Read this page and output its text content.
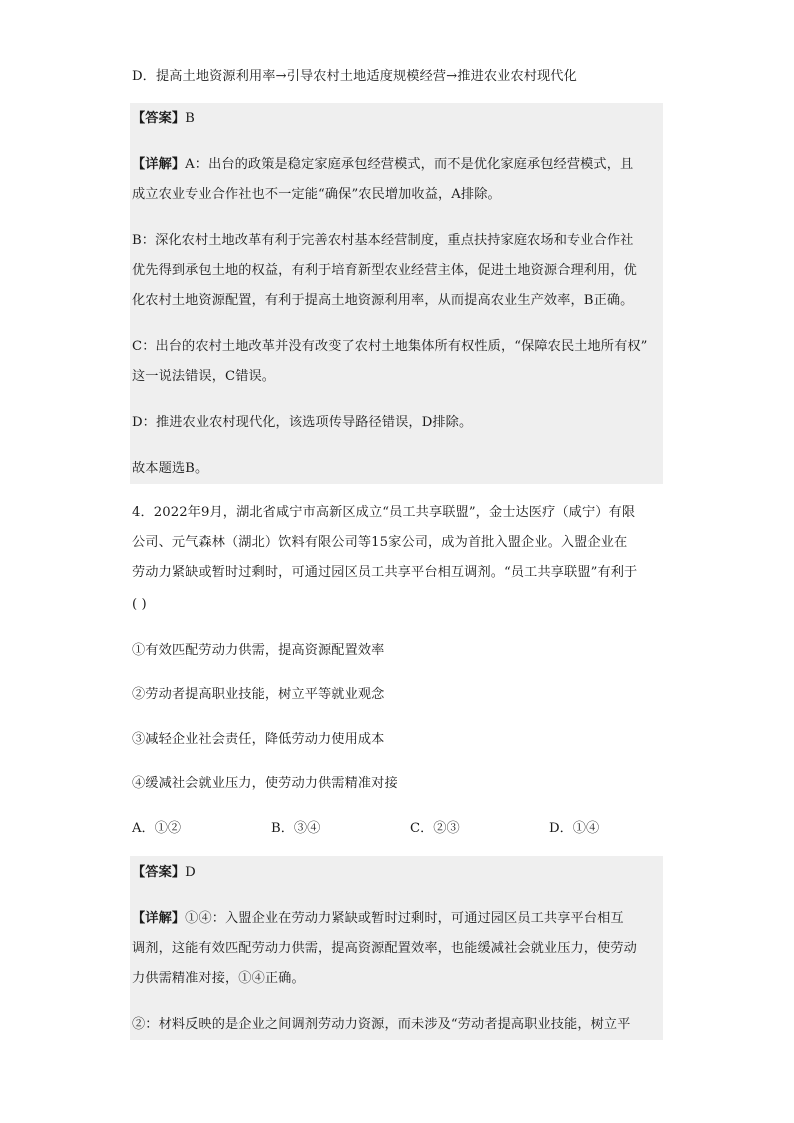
D．提高土地资源利用率→引导农村土地适度规模经营→推进农业农村现代化
【答案】B
【详解】A：出台的政策是稳定家庭承包经营模式，而不是优化家庭承包经营模式，且
成立农业专业合作社也不一定能“确保”农民增加收益，A排除。
B：深化农村土地改革有利于完善农村基本经营制度，重点扶持家庭农场和专业合作社
优先得到承包土地的权益，有利于培育新型农业经营主体，促进土地资源合理利用，优
化农村土地资源配置，有利于提高土地资源利用率，从而提高农业生产效率，B正确。
C：出台的农村土地改革并没有改变了农村土地集体所有权性质，“保障农民土地所有权”
这一说法错误，C错误。
D：推进农业农村现代化，该选项传导路径错误，D排除。
故本题选B。
4．2022年9月，湖北省咸宁市高新区成立“员工共享联盟”，金士达医疗（咸宁）有限
公司、元气森林（湖北）饮料有限公司等15家公司，成为首批入盟企业。入盟企业在
劳动力紧缺或暂时过剩时，可通过园区员工共享平台相互调剂。“员工共享联盟”有利于
( )
①有效匹配劳动力供需，提高资源配置效率
②劳动者提高职业技能，树立平等就业观念
③减轻企业社会责任，降低劳动力使用成本
④缓减社会就业压力，使劳动力供需精准对接
A．①②	B．③④	C．②③	D．①④
【答案】D
【详解】①④：入盟企业在劳动力紧缺或暂时过剩时，可通过园区员工共享平台相互
调剂，这能有效匹配劳动力供需，提高资源配置效率，也能缓减社会就业压力，使劳动
力供需精准对接，①④正确。
②：材料反映的是企业之间调剂劳动力资源，而未涉及“劳动者提高职业技能，树立平
